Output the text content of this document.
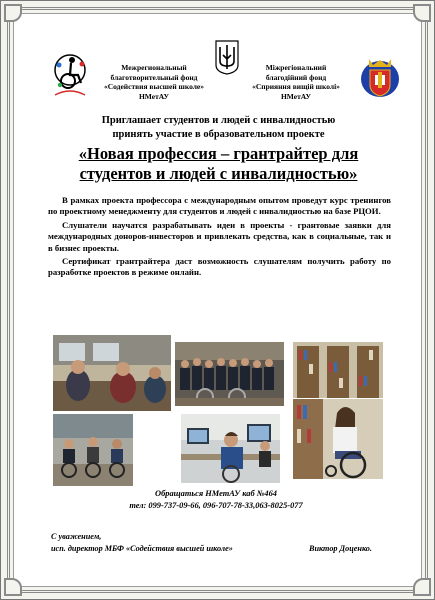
Межрегиональный
благотворительный фонд
«Содействия высшей школе»
НМетАУ
Міжрегіональний
благодійний фонд
«Сприяння вищій школі»
НМетАУ
Приглашает студентов и людей с инвалидностью
принять участие в образовательном проекте
«Новая профессия – грантрайтер для
студентов и людей с инвалидностью»

В рамках проекта профессора с международным опытом проведут курс тренингов по проектному менеджменту для студентов и людей с инвалидностью на базе РЦОИ.

Слушатели научатся разрабатывать идеи в проекты - грантовые заявки для международных доноров-инвесторов и привлекать средства, как в социальные, так и в бизнес проекты.

Сертификат грантрайтера даст возможность слушателям получить работу по разработке проектов в режиме онлайн.

Обращаться НМетАУ каб №464
тел: 099-737-09-66, 096-707-78-33,063-8025-077
С уважением,
исп. директор МБФ «Содействия высшей школе»	Виктор Доценко.
